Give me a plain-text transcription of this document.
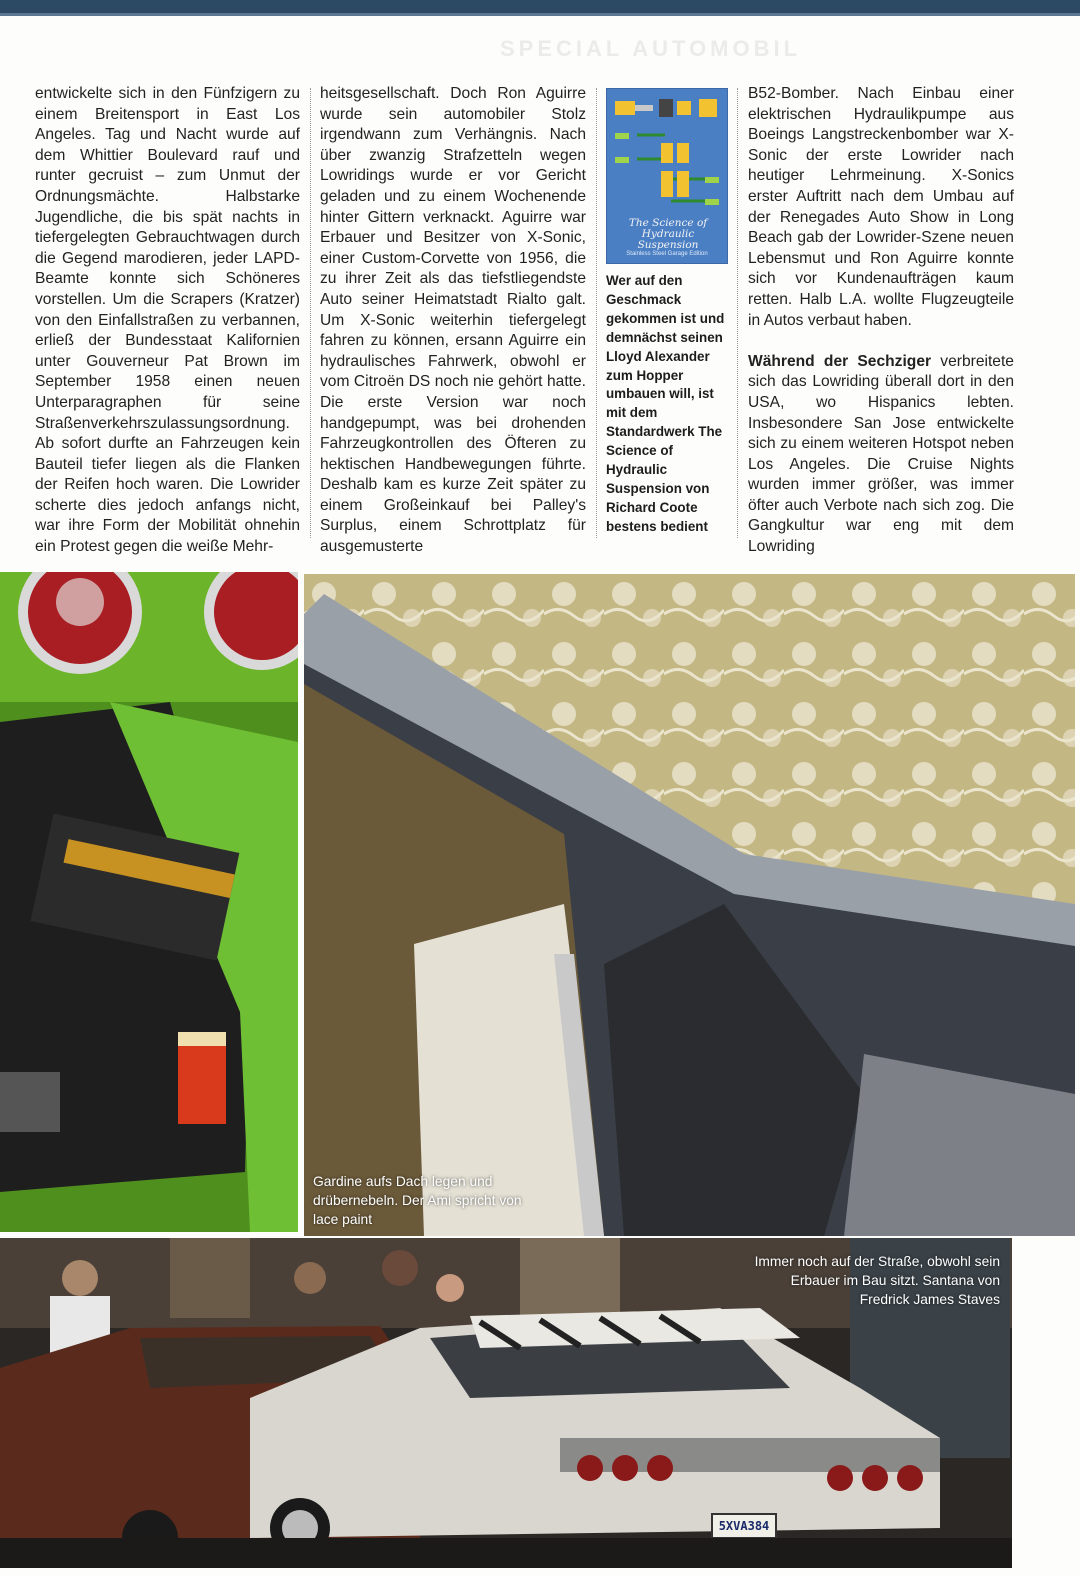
SPECIAL AUTOMOBIL

entwickelte sich in den Fünfzigern zu einem Breitensport in East Los Angeles. Tag und Nacht wurde auf dem Whittier Boulevard rauf und runter gecruist – zum Unmut der Ordnungsmächte. Halbstarke Jugendliche, die bis spät nachts in tiefergelegten Gebrauchtwagen durch die Gegend marodieren, jeder LAPD-Beamte konnte sich Schöneres vorstellen. Um die Scrapers (Kratzer) von den Einfallstraßen zu verbannen, erließ der Bundesstaat Kalifornien unter Gouverneur Pat Brown im September 1958 einen neuen Unterparagraphen für seine Straßenverkehrszulassungsordnung. Ab sofort durfte an Fahrzeugen kein Bauteil tiefer liegen als die Flanken der Reifen hoch waren. Die Lowrider scherte dies jedoch anfangs nicht, war ihre Form der Mobilität ohnehin ein Protest gegen die weiße Mehr-

heitsgesellschaft. Doch Ron Aguirre wurde sein automobiler Stolz irgendwann zum Verhängnis. Nach über zwanzig Strafzetteln wegen Lowridings wurde er vor Gericht geladen und zu einem Wochenende hinter Gittern verknackt. Aguirre war Erbauer und Besitzer von X-Sonic, einer Custom-Corvette von 1956, die zu ihrer Zeit als das tiefstliegendste Auto seiner Heimatstadt Rialto galt. Um X-Sonic weiterhin tiefergelegt fahren zu können, ersann Aguirre ein hydraulisches Fahrwerk, obwohl er vom Citroën DS noch nie gehört hatte. Die erste Version war noch handgepumpt, was bei drohenden Fahrzeugkontrollen des Öfteren zu hektischen Handbewegungen führte. Deshalb kam es kurze Zeit später zu einem Großeinkauf bei Palley's Surplus, einem Schrottplatz für ausgemusterte

The Science of
Hydraulic Suspension
Stainless Steel Garage Edition
Wer auf den Geschmack gekommen ist und demnächst seinen Lloyd Alexander zum Hopper umbauen will, ist mit dem Standardwerk The Science of Hydraulic Suspension von Richard Coote bestens bedient

B52-Bomber. Nach Einbau einer elektrischen Hydraulikpumpe aus Boeings Langstreckenbomber war X-Sonic der erste Lowrider nach heutiger Lehrmeinung. X-Sonics erster Auftritt nach dem Umbau auf der Renegades Auto Show in Long Beach gab der Lowrider-Szene neuen Lebensmut und Ron Aguirre konnte sich vor Kundenaufträgen kaum retten. Halb L.A. wollte Flugzeugteile in Autos verbaut haben.

Während der Sechziger verbreitete sich das Lowriding überall dort in den USA, wo Hispanics lebten. Insbesondere San Jose entwickelte sich zu einem weiteren Hotspot neben Los Angeles. Die Cruise Nights wurden immer größer, was immer öfter auch Verbote nach sich zog. Die Gangkultur war eng mit dem Lowriding

Gardine aufs Dach legen und drübernebeln. Der Ami spricht von lace paint
5XVA384
Immer noch auf der Straße, obwohl sein Erbauer im Bau sitzt. Santana von Fredrick James Staves
